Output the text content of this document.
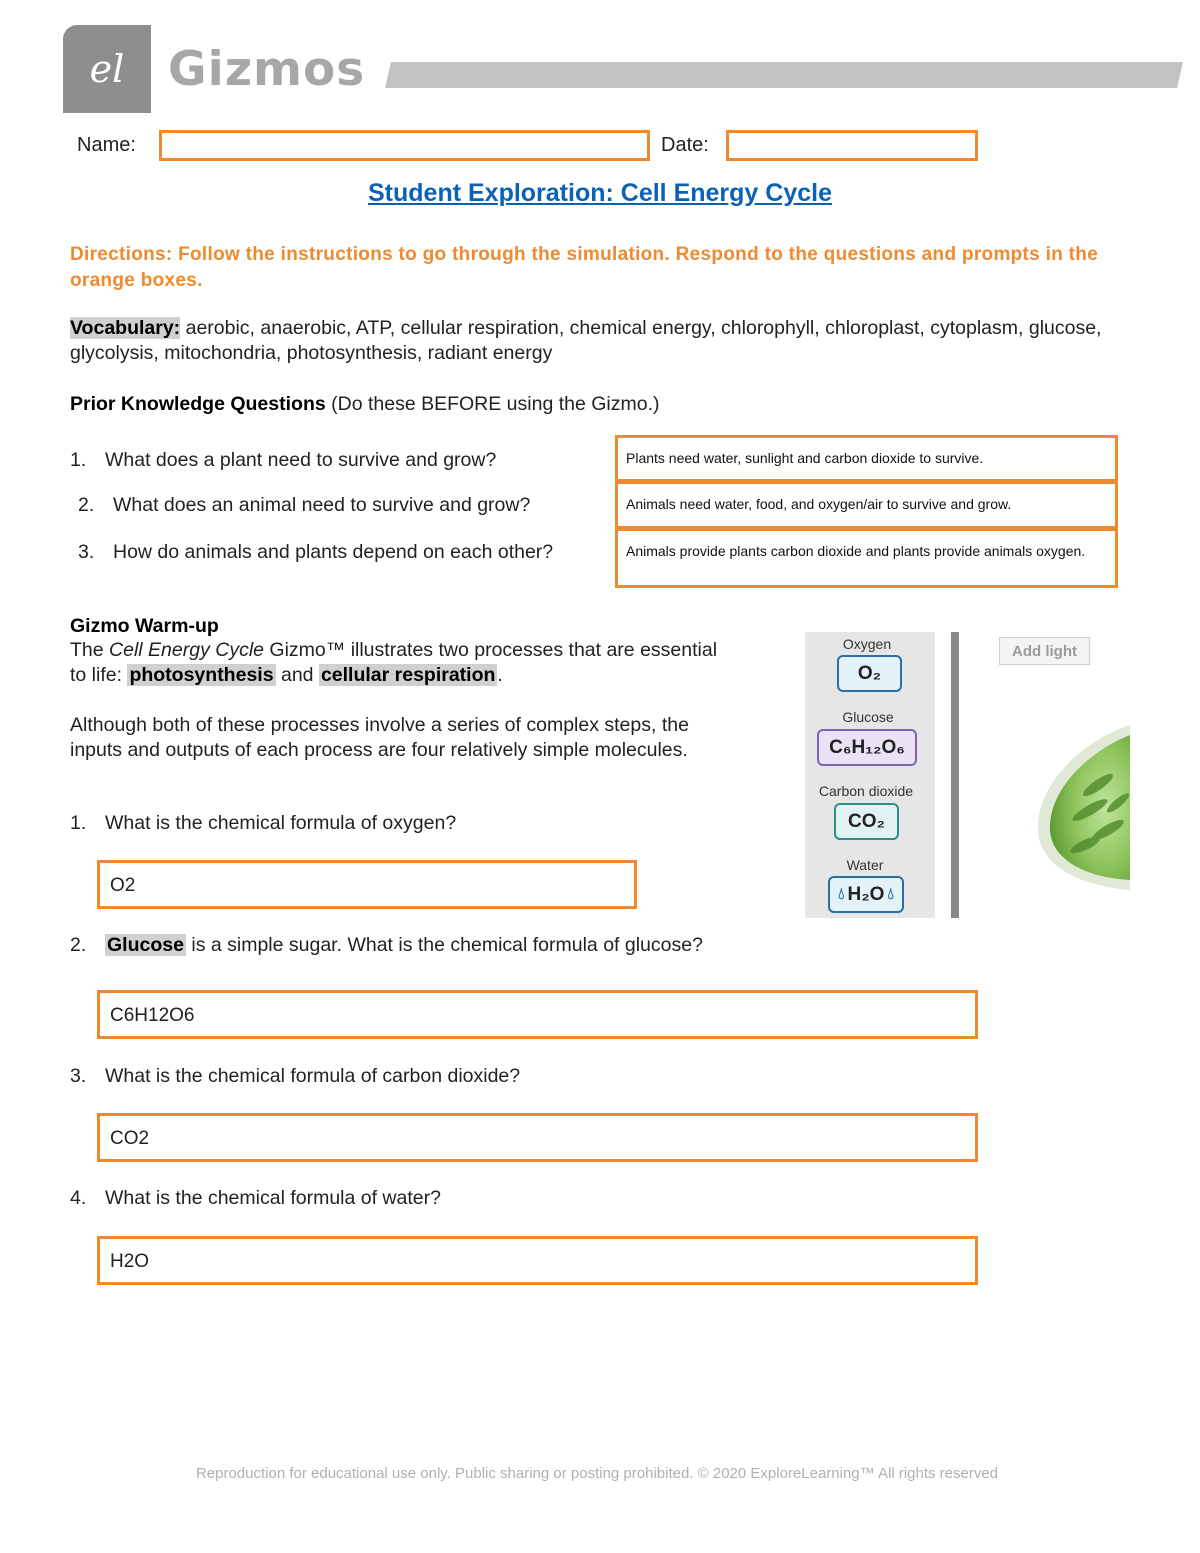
el Gizmos
Name:	Date:
Student Exploration: Cell Energy Cycle
Directions: Follow the instructions to go through the simulation. Respond to the questions and prompts in the orange boxes.
Vocabulary: aerobic, anaerobic, ATP, cellular respiration, chemical energy, chlorophyll, chloroplast, cytoplasm, glucose, glycolysis, mitochondria, photosynthesis, radiant energy
Prior Knowledge Questions (Do these BEFORE using the Gizmo.)
1. What does a plant need to survive and grow?
2. What does an animal need to survive and grow?
3. How do animals and plants depend on each other?
Plants need water, sunlight and carbon dioxide to survive.
Animals need water, food, and oxygen/air to survive and grow.
Animals provide plants carbon dioxide and plants provide animals oxygen.
Gizmo Warm-up
The Cell Energy Cycle Gizmo™ illustrates two processes that are essential to life: photosynthesis and cellular respiration .
Although both of these processes involve a series of complex steps, the inputs and outputs of each process are four relatively simple molecules.
1. What is the chemical formula of oxygen?
O2
2. Glucose is a simple sugar. What is the chemical formula of glucose?
C6H12O6
3. What is the chemical formula of carbon dioxide?
CO2
4. What is the chemical formula of water?
H2O
Oxygen
O₂
Glucose
C₆H₁₂O₆
Carbon dioxide
CO₂
Water
💧︎ H₂O 💧︎
Add light
Reproduction for educational use only. Public sharing or posting prohibited. © 2020 ExploreLearning™ All rights reserved
